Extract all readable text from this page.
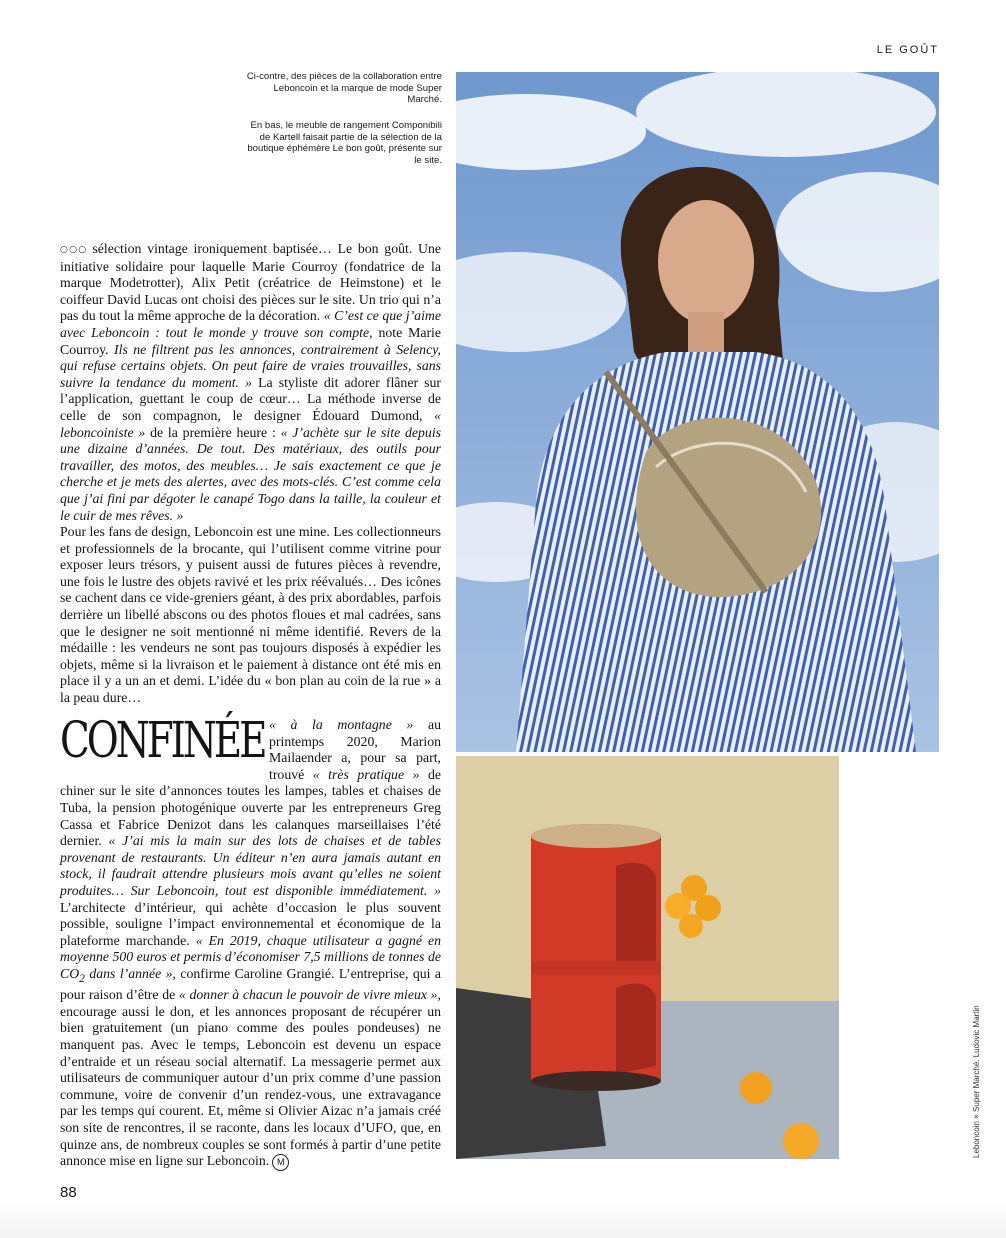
LE GOÛT
Ci-contre, des pièces de la collaboration entre Leboncoin et la marque de mode Super Marché.
En bas, le meuble de rangement Componibili de Kartell faisait partie de la sélection de la boutique éphémère Le bon goût, présente sur le site.

○○○ sélection vintage ironiquement baptisée… Le bon goût. Une initiative solidaire pour laquelle Marie Courroy (fondatrice de la marque Modetrotter), Alix Petit (créatrice de Heimstone) et le coiffeur David Lucas ont choisi des pièces sur le site. Un trio qui n’a pas du tout la même approche de la décoration. « C’est ce que j’aime avec Leboncoin : tout le monde y trouve son compte, note Marie Courroy. Ils ne filtrent pas les annonces, contrairement à Selency, qui refuse certains objets. On peut faire de vraies trouvailles, sans suivre la tendance du moment. » La styliste dit adorer flâner sur l’application, guettant le coup de cœur… La méthode inverse de celle de son compagnon, le designer Édouard Dumond, « leboncoiniste » de la première heure : « J’achète sur le site depuis une dizaine d’années. De tout. Des matériaux, des outils pour travailler, des motos, des meubles… Je sais exactement ce que je cherche et je mets des alertes, avec des mots-clés. C’est comme cela que j’ai fini par dégoter le canapé Togo dans la taille, la couleur et le cuir de mes rêves. »

Pour les fans de design, Leboncoin est une mine. Les collectionneurs et professionnels de la brocante, qui l’utilisent comme vitrine pour exposer leurs trésors, y puisent aussi de futures pièces à revendre, une fois le lustre des objets ravivé et les prix réévalués… Des icônes se cachent dans ce vide-greniers géant, à des prix abordables, parfois derrière un libellé abscons ou des photos floues et mal cadrées, sans que le designer ne soit mentionné ni même identifié. Revers de la médaille : les vendeurs ne sont pas toujours disposés à expédier les objets, même si la livraison et le paiement à distance ont été mis en place il y a un an et demi. L’idée du « bon plan au coin de la rue » a la peau dure…

CONFINÉE « à la montagne » au printemps 2020, Marion Mailaender a, pour sa part, trouvé « très pratique » de chiner sur le site d’annonces toutes les lampes, tables et chaises de Tuba, la pension photogénique ouverte par les entrepreneurs Greg Cassa et Fabrice Denizot dans les calanques marseillaises l’été dernier. « J’ai mis la main sur des lots de chaises et de tables provenant de restaurants. Un éditeur n’en aura jamais autant en stock, il faudrait attendre plusieurs mois avant qu’elles ne soient produites… Sur Leboncoin, tout est disponible immédiatement. » L’architecte d’intérieur, qui achète d’occasion le plus souvent possible, souligne l’impact environnemental et économique de la plateforme marchande. « En 2019, chaque utilisateur a gagné en moyenne 500 euros et permis d’économiser 7,5 millions de tonnes de $CO_2$ dans l’année », confirme Caroline Grangié. L’entreprise, qui a pour raison d’être de « donner à chacun le pouvoir de vivre mieux », encourage aussi le don, et les annonces proposant de récupérer un bien gratuitement (un piano comme des poules pondeuses) ne manquent pas. Avec le temps, Leboncoin est devenu un espace d’entraide et un réseau social alternatif. La messagerie permet aux utilisateurs de communiquer autour d’un prix comme d’une passion commune, voire de convenir d’un rendez-vous, une extravagance par les temps qui courent. Et, même si Olivier Aizac n’a jamais créé son site de rencontres, il se raconte, dans les locaux d’UFO, que, en quinze ans, de nombreux couples se sont formés à partir d’une petite annonce mise en ligne sur Leboncoin. M

88
Leboncoin × Super Marché. Ludovic Martin
